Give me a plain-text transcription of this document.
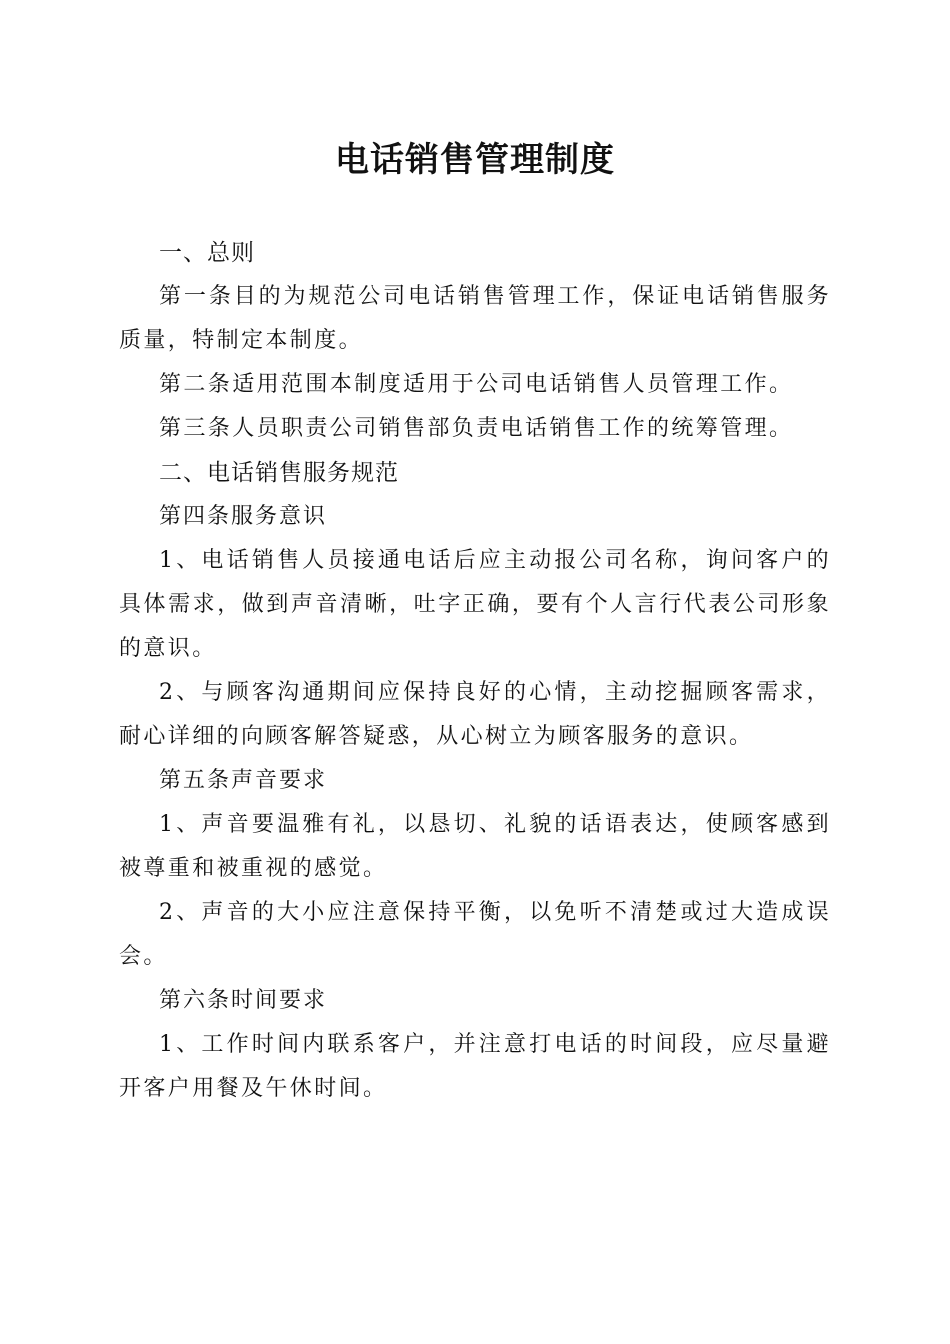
电话销售管理制度
一、总则

第一条目的为规范公司电话销售管理工作，保证电话销售服务质量，特制定本制度。

第二条适用范围本制度适用于公司电话销售人员管理工作。

第三条人员职责公司销售部负责电话销售工作的统筹管理。

二、电话销售服务规范

第四条服务意识

1、电话销售人员接通电话后应主动报公司名称，询问客户的具体需求，做到声音清晰，吐字正确，要有个人言行代表公司形象的意识。

2、与顾客沟通期间应保持良好的心情，主动挖掘顾客需求，耐心详细的向顾客解答疑惑，从心树立为顾客服务的意识。

第五条声音要求

1、声音要温雅有礼，以恳切、礼貌的话语表达，使顾客感到被尊重和被重视的感觉。

2、声音的大小应注意保持平衡，以免听不清楚或过大造成误会。

第六条时间要求

1、工作时间内联系客户，并注意打电话的时间段，应尽量避开客户用餐及午休时间。
